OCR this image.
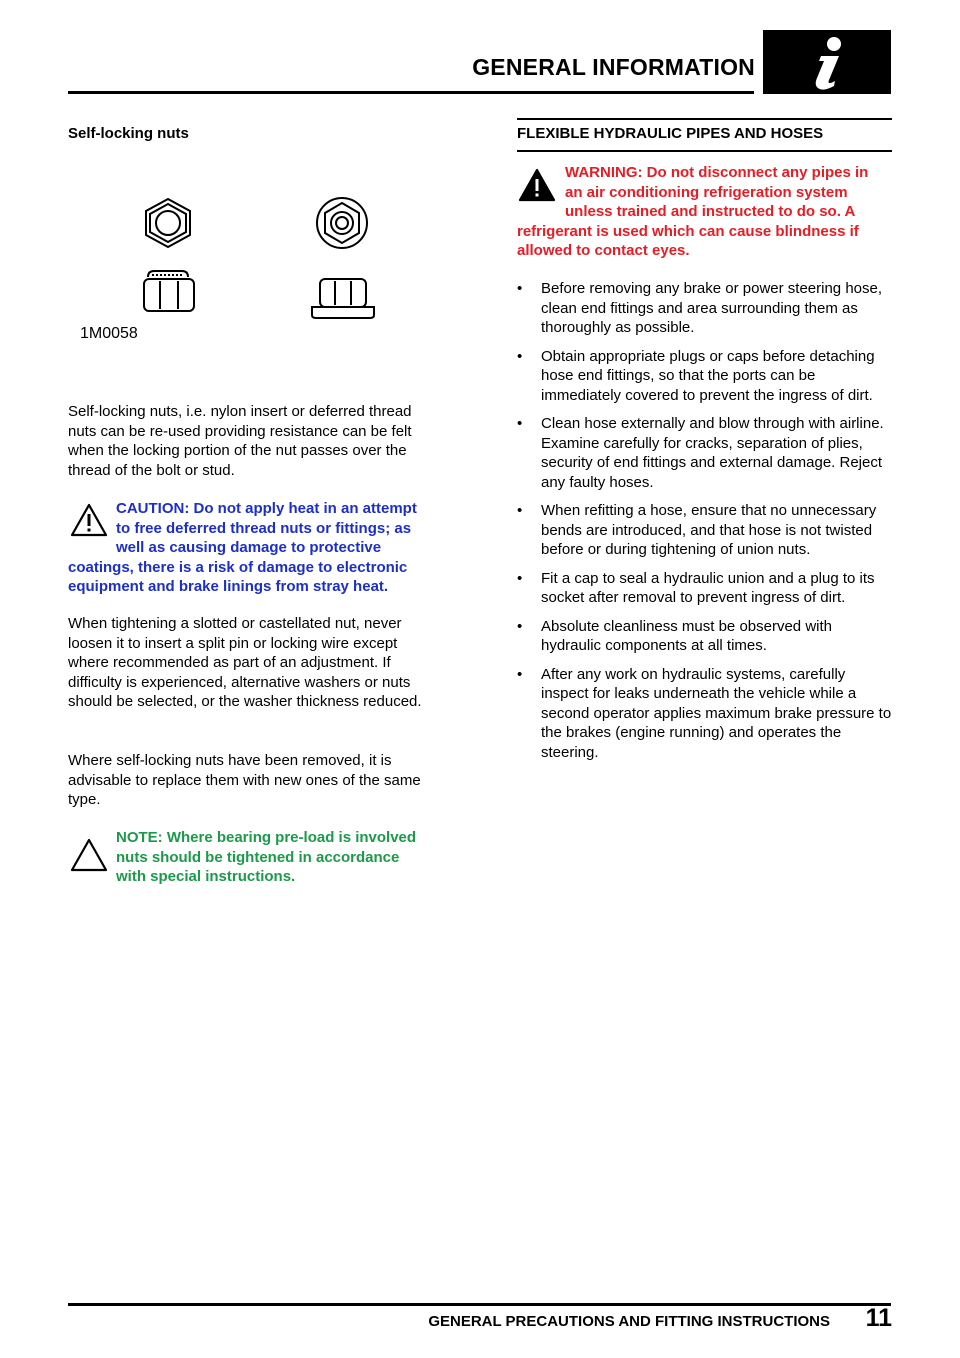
GENERAL INFORMATION
Self-locking nuts
1M0058

Self-locking nuts, i.e. nylon insert or deferred thread nuts can be re-used providing resistance can be felt when the locking portion of the nut passes over the thread of the bolt or stud.

CAUTION: Do not apply heat in an attempt
to free deferred thread nuts or fittings; as
well as causing damage to protective
coatings, there is a risk of damage to electronic equipment and brake linings from stray heat.

When tightening a slotted or castellated nut, never loosen it to insert a split pin or locking wire except where recommended as part of an adjustment. If difficulty is experienced, alternative washers or nuts should be selected, or the washer thickness reduced.

Where self-locking nuts have been removed, it is advisable to replace them with new ones of the same type.

NOTE: Where bearing pre-load is involved
nuts should be tightened in accordance
with special instructions.
FLEXIBLE HYDRAULIC PIPES AND HOSES
WARNING: Do not disconnect any pipes in
an air conditioning refrigeration system
unless trained and instructed to do so. A
refrigerant is used which can cause blindness if allowed to contact eyes.
• Before removing any brake or power steering hose, clean end fittings and area surrounding them as thoroughly as possible.
• Obtain appropriate plugs or caps before detaching hose end fittings, so that the ports can be immediately covered to prevent the ingress of dirt.
• Clean hose externally and blow through with airline. Examine carefully for cracks, separation of plies, security of end fittings and external damage. Reject any faulty hoses.
• When refitting a hose, ensure that no unnecessary bends are introduced, and that hose is not twisted before or during tightening of union nuts.
• Fit a cap to seal a hydraulic union and a plug to its socket after removal to prevent ingress of dirt.
• Absolute cleanliness must be observed with hydraulic components at all times.
• After any work on hydraulic systems, carefully inspect for leaks underneath the vehicle while a second operator applies maximum brake pressure to the brakes (engine running) and operates the steering.
GENERAL PRECAUTIONS AND FITTING INSTRUCTIONS	11
